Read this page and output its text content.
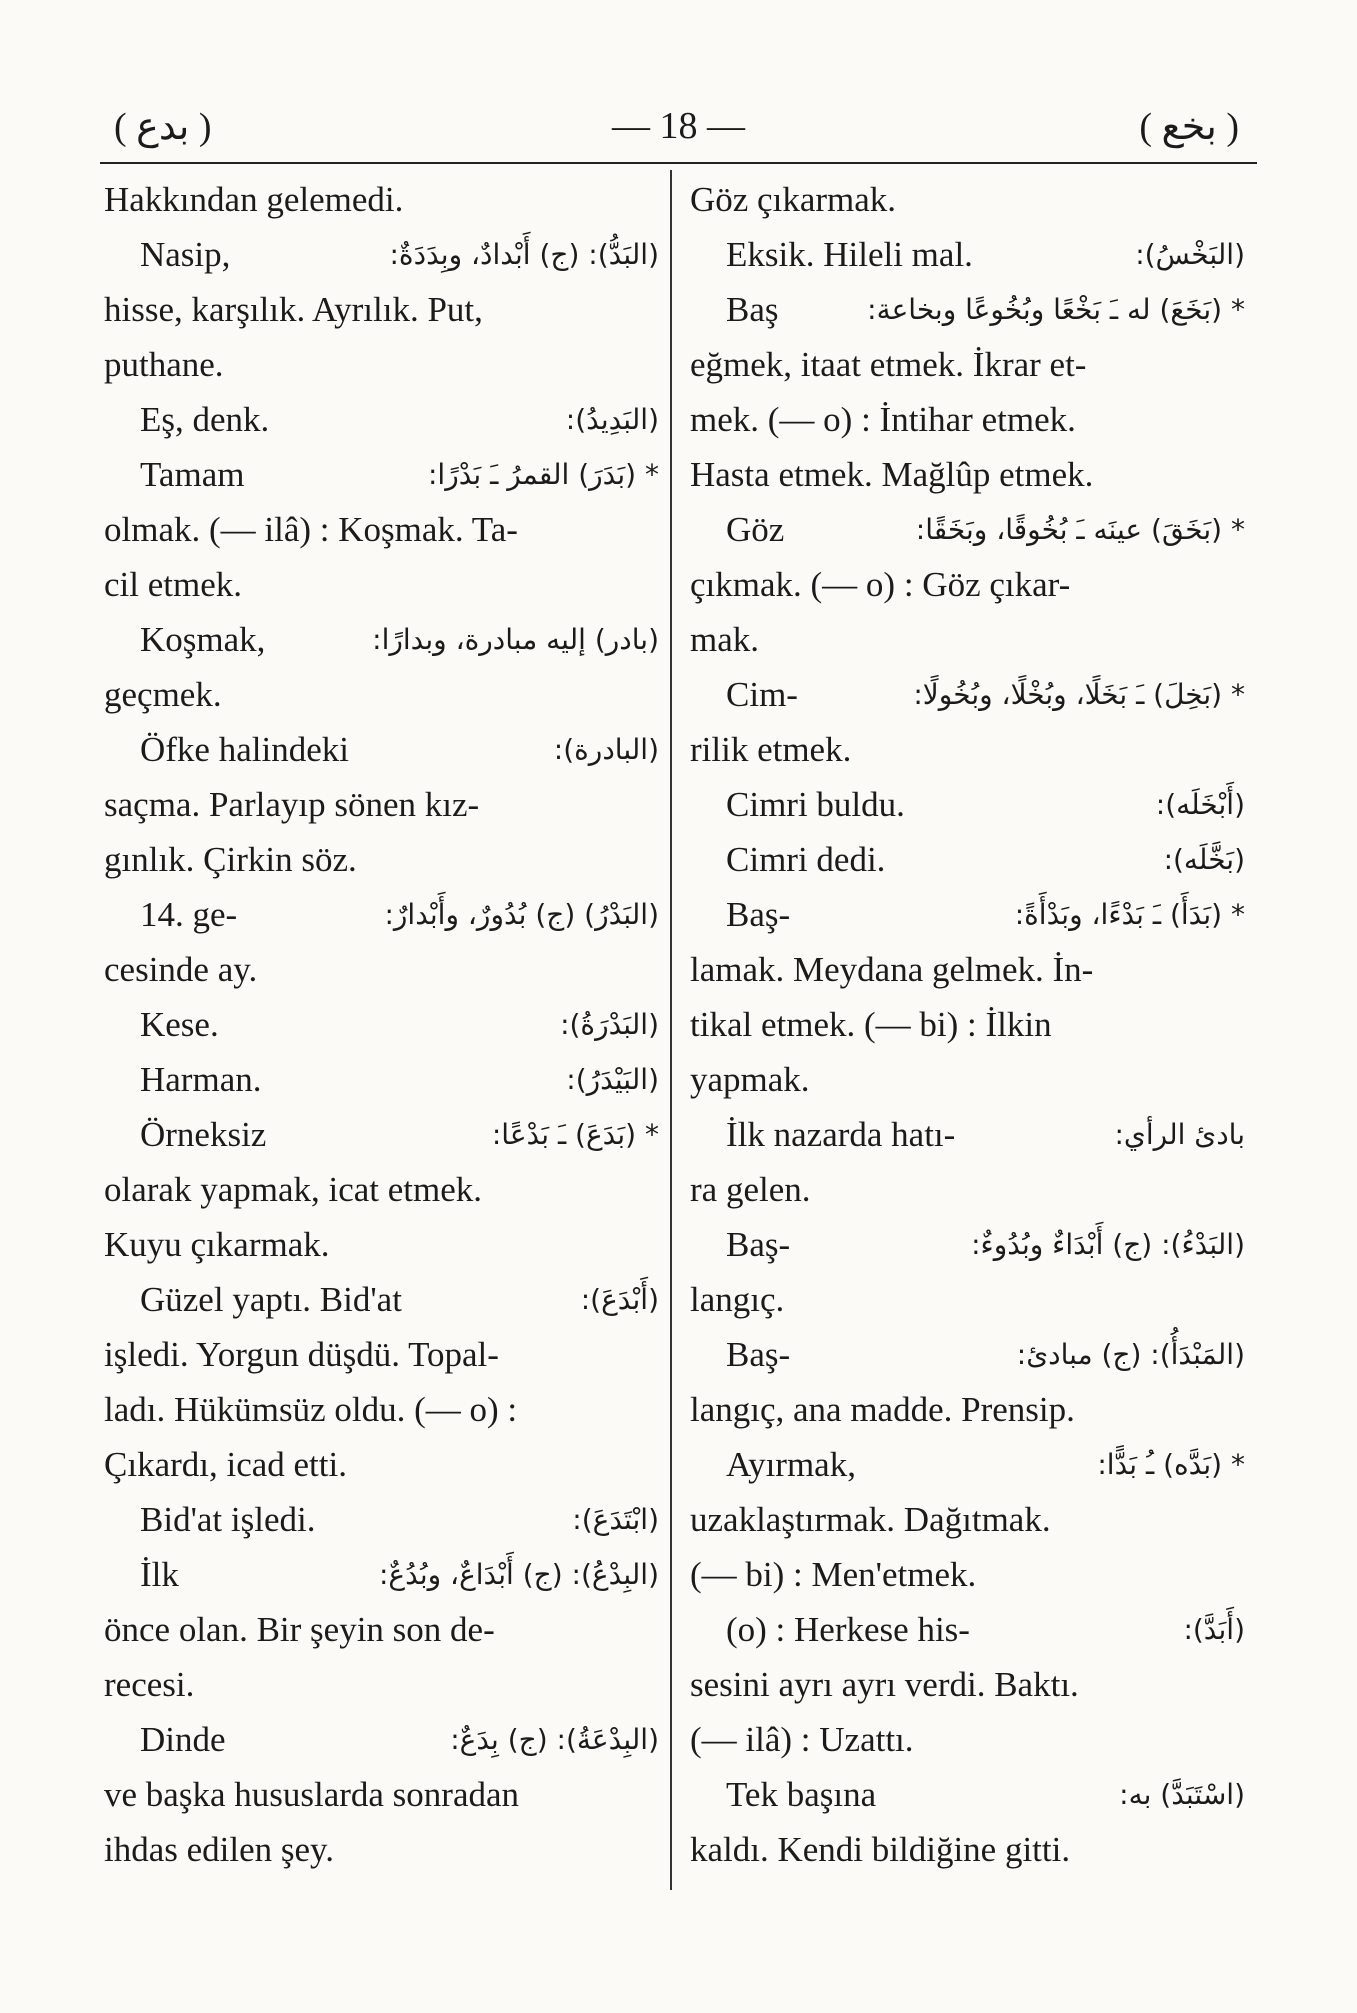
( بدع )	— 18 —	( بخع )
Hakkından gelemedi.
Nasip,	(البَدُّ): (ج) أَبْدادٌ، وبِدَدَةٌ:
hisse, karşılık. Ayrılık. Put,
puthane.
Eş, denk.	(البَدِيدُ):
Tamam	* (بَدَرَ) القمرُ ـَ بَدْرًا:
olmak. (— ilâ) : Koşmak. Ta-
cil etmek.
Koşmak,	(بادر) إليه مبادرة، وبدارًا:
geçmek.
Öfke halindeki	(البادرة):
saçma. Parlayıp sönen kız-
gınlık. Çirkin söz.
14. ge-	(البَدْرُ) (ج) بُدُورٌ، وأَبْدارٌ:
cesinde ay.
Kese.	(البَدْرَةُ):
Harman.	(البَيْدَرُ):
Örneksiz	* (بَدَعَ) ـَ بَدْعًا:
olarak yapmak, icat etmek.
Kuyu çıkarmak.
Güzel yaptı. Bid'at	(أَبْدَعَ):
işledi. Yorgun düşdü. Topal-
ladı. Hükümsüz oldu. (— o) :
Çıkardı, icad etti.
Bid'at işledi.	(ابْتَدَعَ):
İlk	(البِدْعُ): (ج) أَبْدَاعٌ، وبُدُعٌ:
önce olan. Bir şeyin son de-
recesi.
Dinde	(البِدْعَةُ): (ج) بِدَعٌ:
ve başka hususlarda sonradan
ihdas edilen şey.
Göz çıkarmak.
Eksik. Hileli mal.	(البَخْسُ):
Baş	* (بَخَعَ) له ـَ بَخْعًا وبُخُوعًا وبخاعة:
eğmek, itaat etmek. İkrar et-
mek. (— o) : İntihar etmek.
Hasta etmek. Mağlûp etmek.
Göz	* (بَخَقَ) عينَه ـَ بُخُوقًا، وبَخَقًا:
çıkmak. (— o) : Göz çıkar-
mak.
Cim-	* (بَخِلَ) ـَ بَخَلًا، وبُخْلًا، وبُخُولًا:
rilik etmek.
Cimri buldu.	(أَبْخَلَه):
Cimri dedi.	(بَخَّلَه):
Baş-	* (بَدَأَ) ـَ بَدْءًا، وبَدْأَةً:
lamak. Meydana gelmek. İn-
tikal etmek. (— bi) : İlkin
yapmak.
İlk nazarda hatı-	بادئ الرأي:
ra gelen.
Baş-	(البَدْءُ): (ج) أَبْدَاءٌ وبُدُوءٌ:
langıç.
Baş-	(المَبْدَأُ): (ج) مبادئ:
langıç, ana madde. Prensip.
Ayırmak,	* (بَدَّه) ـُ بَدًّا:
uzaklaştırmak. Dağıtmak.
(— bi) : Men'etmek.
(o) : Herkese his-	(أَبَدَّ):
sesini ayrı ayrı verdi. Baktı.
(— ilâ) : Uzattı.
Tek başına	(اسْتَبَدَّ) به:
kaldı. Kendi bildiğine gitti.
